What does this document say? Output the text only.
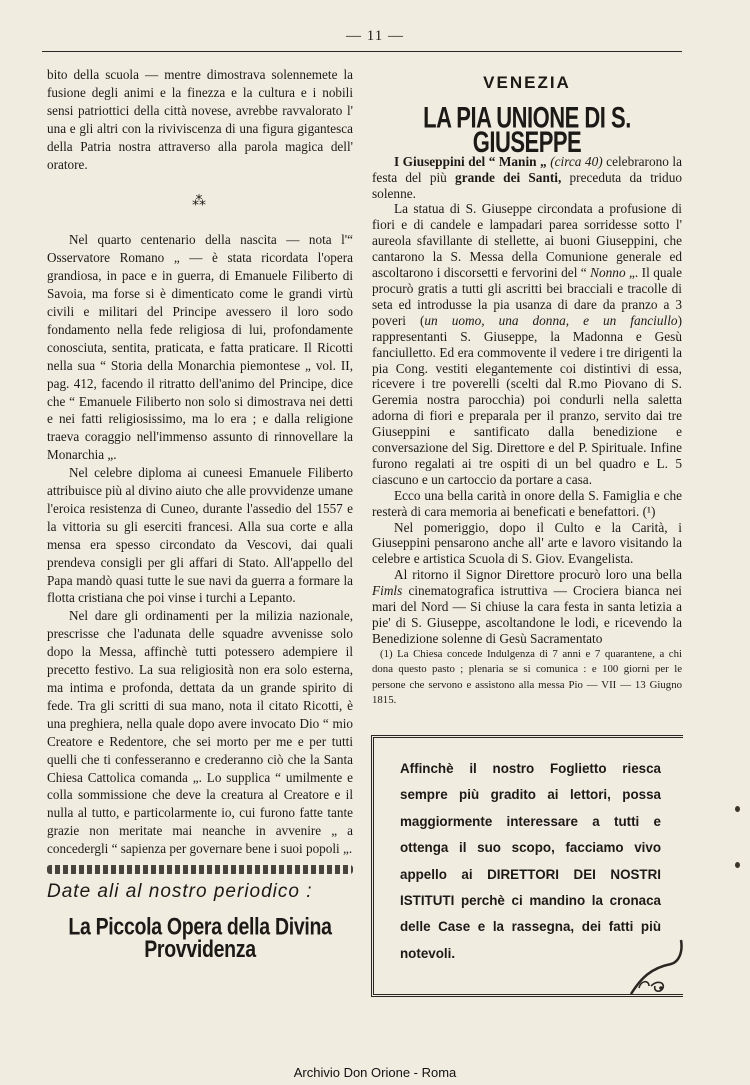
— 11 —

bito della scuola — mentre dimostrava solennemete la fusione degli animi e la finezza e la cultura e i nobili sensi patriottici della città novese, avrebbe ravvalorato l' una e gli altri con la riviviscenza di una figura gigantesca della Patria nostra attraverso alla parola magica dell' oratore.

⁂

Nel quarto centenario della nascita — nota l'“ Osservatore Romano „ — è stata ricordata l'opera grandiosa, in pace e in guerra, di Emanuele Filiberto di Savoia, ma forse si è dimenticato come le grandi virtù civili e militari del Principe avessero il loro sodo fondamento nella fede religiosa di lui, profondamente conosciuta, sentita, praticata, e fatta praticare. Il Ricotti nella sua “ Storia della Monarchia piemontese „ vol. II, pag. 412, facendo il ritratto dell'animo del Principe, dice che “ Emanuele Filiberto non solo si dimostrava nei detti e nei fatti religiosissimo, ma lo era ; e dalla religione traeva coraggio nell'immenso assunto di rinnovellare la Monarchia „.

Nel celebre diploma ai cuneesi Emanuele Filiberto attribuisce più al divino aiuto che alle provvidenze umane l'eroica resistenza di Cuneo, durante l'assedio del 1557 e la vittoria su gli eserciti francesi. Alla sua corte e alla mensa era spesso circondato da Vescovi, dai quali prendeva consigli per gli affari di Stato. All'appello del Papa mandò quasi tutte le sue navi da guerra a formare la flotta cristiana che poi vinse i turchi a Lepanto.

Nel dare gli ordinamenti per la milizia nazionale, prescrisse che l'adunata delle squadre avvenisse solo dopo la Messa, affinchè tutti potessero adempiere il precetto festivo. La sua religiosità non era solo esterna, ma intima e profonda, dettata da un grande spirito di fede. Tra gli scritti di sua mano, nota il citato Ricotti, è una preghiera, nella quale dopo avere invocato Dio “ mio Creatore e Redentore, che sei morto per me e per tutti quelli che ti confesseranno e crederanno ciò che la Santa Chiesa Cattolica comanda „. Lo supplica “ umilmente e colla sommissione che deve la creatura al Creatore e il nulla al tutto, e particolarmente io, cui furono fatte tante grazie non meritate mai neanche in avvenire „ a concedergli “ sapienza per governare bene i suoi popoli „.

Date ali al nostro periodico :
La Piccola Opera della Divina Provvidenza
VENEZIA
LA PIA UNIONE DI S. GIUSEPPE

I Giuseppini del “ Manin „ (circa 40) celebrarono la festa del più grande dei Santi, preceduta da triduo solenne.

La statua di S. Giuseppe circondata a profusione di fiori e di candele e lampadari parea sorridesse sotto l' aureola sfavillante di stellette, ai buoni Giuseppini, che cantarono la S. Messa della Comunione generale ed ascoltarono i discorsetti e fervorini del “ Nonno „. Il quale procurò gratis a tutti gli ascritti bei bracciali e tracolle di seta ed introdusse la pia usanza di dare da pranzo a 3 poveri (un uomo, una donna, e un fanciullo) rappresentanti S. Giuseppe, la Madonna e Gesù fanciulletto. Ed era commovente il vedere i tre dirigenti la pia Cong. vestiti elegantemente coi distintivi di essa, ricevere i tre poverelli (scelti dal R.mo Piovano di S. Geremia nostra parocchia) poi condurli nella saletta adorna di fiori e preparala per il pranzo, servito dai tre Giuseppini e santificato dalla benedizione e conversazione del Sig. Direttore e del P. Spirituale. Infine furono regalati ai tre ospiti di un bel quadro e L. 5 ciascuno e un cartoccio da portare a casa.

Ecco una bella carità in onore della S. Famiglia e che resterà di cara memoria ai beneficati e benefattori. (¹)

Nel pomeriggio, dopo il Culto e la Carità, i Giuseppini pensarono anche all' arte e lavoro visitando la celebre e artistica Scuola di S. Giov. Evangelista.

Al ritorno il Signor Direttore procurò loro una bella Fimls cinematografica istruttiva — Crociera bianca nei mari del Nord — Si chiuse la cara festa in santa letizia a pie' di S. Giuseppe, ascoltandone le lodi, e ricevendo la Benedizione solenne di Gesù Sacramentato

(1) La Chiesa concede Indulgenza di 7 anni e 7 quarantene, a chi dona questo pasto ; plenaria se si comunica : e 100 giorni per le persone che servono e assistono alla messa Pio — VII — 13 Giugno 1815.

Affinchè il nostro Foglietto riesca sempre più gradito ai lettori, possa maggiormente interessare a tutti e ottenga il suo scopo, facciamo vivo appello ai DIRETTORI DEI NOSTRI ISTITUTI perchè ci mandino la cronaca delle Case e la rassegna, dei fatti più notevoli.
Archivio Don Orione - Roma
